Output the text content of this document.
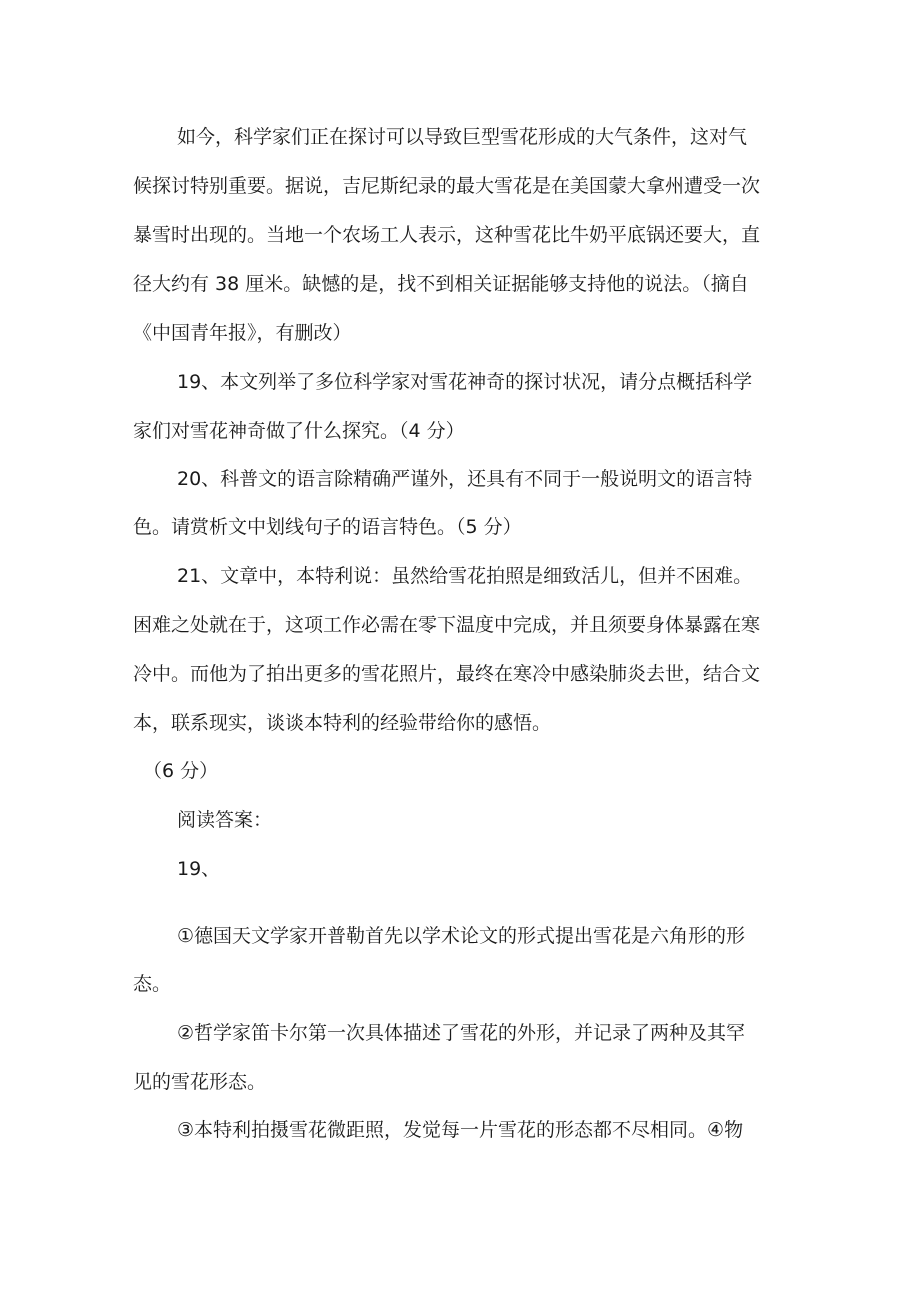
如今，科学家们正在探讨可以导致巨型雪花形成的大气条件，这对气
候探讨特别重要。据说，吉尼斯纪录的最大雪花是在美国蒙大拿州遭受一次
暴雪时出现的。当地一个农场工人表示，这种雪花比牛奶平底锅还要大，直
径大约有 38 厘米。缺憾的是，找不到相关证据能够支持他的说法。（摘自
《中国青年报》，有删改）
19、本文列举了多位科学家对雪花神奇的探讨状况，请分点概括科学
家们对雪花神奇做了什么探究。（4 分）
20、科普文的语言除精确严谨外，还具有不同于一般说明文的语言特
色。请赏析文中划线句子的语言特色。（5 分）
21、文章中，本特利说：虽然给雪花拍照是细致活儿，但并不困难。
困难之处就在于，这项工作必需在零下温度中完成，并且须要身体暴露在寒
冷中。而他为了拍出更多的雪花照片，最终在寒冷中感染肺炎去世，结合文
本，联系现实，谈谈本特利的经验带给你的感悟。
（6 分）
阅读答案：
19、
①德国天文学家开普勒首先以学术论文的形式提出雪花是六角形的形
态。
②哲学家笛卡尔第一次具体描述了雪花的外形，并记录了两种及其罕
见的雪花形态。
③本特利拍摄雪花微距照，发觉每一片雪花的形态都不尽相同。④物
